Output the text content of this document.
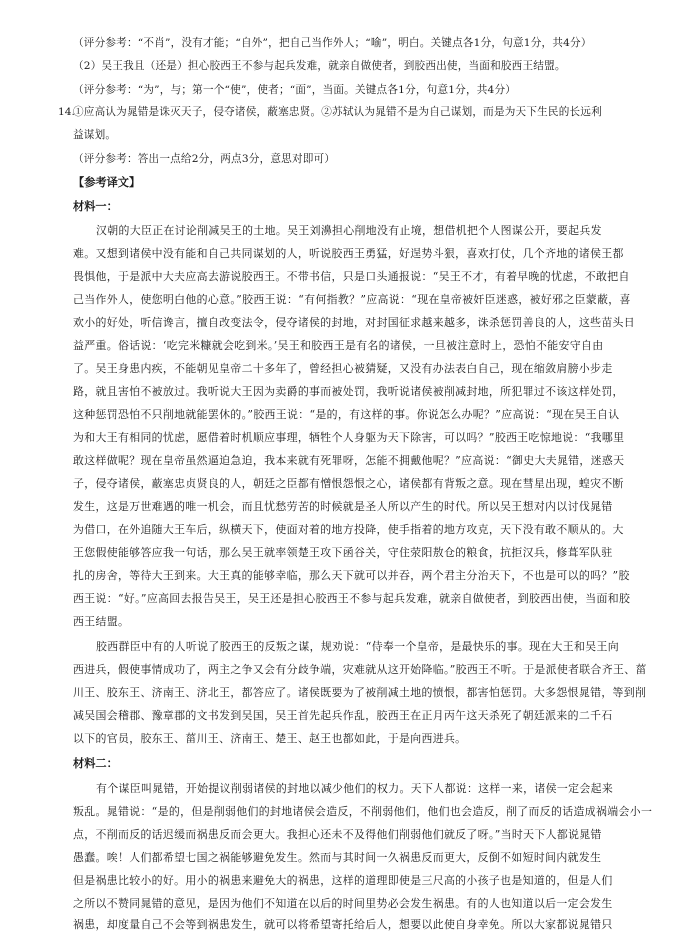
（评分参考：“不肖”，没有才能；“自外”，把自己当作外人；“喻”，明白。关键点各1分，句意1分，共4分）
（2）吴王我且（还是）担心胶西王不参与起兵发难，就亲自做使者，到胶西出使，当面和胶西王结盟。
（评分参考：“为”，与；第一个“使”，使者；“面”，当面。关键点各1分，句意1分，共4分）
14.
①应高认为晁错是诛灭天子，侵夺诸侯，蔽塞忠贤。②苏轼认为晁错不是为自己谋划，而是为天下生民的长远利
益谋划。
（评分参考：答出一点给2分，两点3分，意思对即可）
【参考译文】
材料一：
汉朝的大臣正在讨论削减吴王的土地。吴王刘濞担心削地没有止境，想借机把个人图谋公开，要起兵发
难。又想到诸侯中没有能和自己共同谋划的人，听说胶西王勇猛，好逞势斗狠，喜欢打仗，几个齐地的诸侯王都
畏惧他，于是派中大夫应高去游说胶西王。不带书信，只是口头通报说：“吴王不才，有着早晚的忧虑，不敢把自
己当作外人，使您明白他的心意。”胶西王说：“有何指教？”应高说：“现在皇帝被奸臣迷惑，被好邪之臣蒙蔽，喜
欢小的好处，听信谗言，擅自改变法令，侵夺诸侯的封地，对封国征求越来越多，诛杀惩罚善良的人，这些苗头日
益严重。俗话说：‘吃完米糠就会吃到米。’吴王和胶西王是有名的诸侯，一旦被注意时上，恐怕不能安守自由
了。吴王身患内疾，不能朝见皇帝二十多年了，曾经担心被猜疑，又没有办法表白自己，现在缩敛肩膀小步走
路，就且害怕不被放过。我听说大王因为卖爵的事而被处罚，我听说诸侯被削减封地，所犯罪过不该这样处罚，
这种惩罚恐怕不只削地就能罢休的。”胶西王说：“是的，有这样的事。你说怎么办呢？”应高说：“现在吴王自认
为和大王有相同的忧虑，愿借着时机顺应事理，牺牲个人身躯为天下除害，可以吗？”胶西王吃惊地说：“我哪里
敢这样做呢？现在皇帝虽然逼迫急迫，我本来就有死罪呀，怎能不拥戴他呢？”应高说：“御史大夫晁错，迷惑天
子，侵夺诸侯，蔽塞忠贞贤良的人，朝廷之臣都有憎恨怨恨之心，诸侯都有背叛之意。现在彗星出现，蝗灾不断
发生，这是万世难遇的唯一机会，而且忧愁劳苦的时候就是圣人所以产生的时代。所以吴王想对内以讨伐晁错
为借口，在外追随大王车后，纵横天下，使面对着的地方投降，使手指着的地方攻克，天下没有敢不顺从的。大
王您假使能够答应我一句话，那么吴王就率领楚王攻下函谷关，守住荥阳敖仓的粮食，抗拒汉兵，修葺军队驻
扎的房舍，等待大王到来。大王真的能够幸临，那么天下就可以并吞，两个君主分治天下，不也是可以的吗？”胶
西王说：“好。”应高回去报告吴王，吴王还是担心胶西王不参与起兵发难，就亲自做使者，到胶西出使，当面和胶
西王结盟。
胶西群臣中有的人听说了胶西王的反叛之谋，规劝说：“侍奉一个皇帝，是最快乐的事。现在大王和吴王向
西进兵，假使事情成功了，两主之争又会有分歧争端，灾难就从这开始降临。”胶西王不听。于是派使者联合齐王、菑
川王、胶东王、济南王、济北王，都答应了。诸侯既要为了被削减土地的愤恨，都害怕惩罚。大多怨恨晁错，等到削
减吴国会稽郡、豫章郡的文书发到吴国，吴王首先起兵作乱，胶西王在正月丙午这天杀死了朝廷派来的二千石
以下的官员，胶东王、菑川王、济南王、楚王、赵王也都如此，于是向西进兵。
材料二：
有个谋臣叫晁错，开始提议削弱诸侯的封地以减少他们的权力。天下人都说：这样一来，诸侯一定会起来
叛乱。晁错说：“是的，但是削弱他们的封地诸侯会造反，不削弱他们，他们也会造反，削了而反的话造成祸端会小一
点，不削而反的话迟缓而祸患反而会更大。我担心还未不及得他们削弱他们就反了呀。”当时天下人都说晁错
愚蠢。唉！人们都希望七国之祸能够避免发生。然而与其时间一久祸患反而更大，反倒不如短时间内就发生
但是祸患比较小的好。用小的祸患来避免大的祸患，这样的道理即使是三尺高的小孩子也是知道的，但是人们
之所以不赞同晁错的意见，是因为他们不知道在以后的时间里势必会发生祸患。有的人也知道以后一定会发生
祸患，却度量自己不会等到祸患发生，就可以将希望寄托给后人，想要以此使自身幸免。所以大家都说晁错只
